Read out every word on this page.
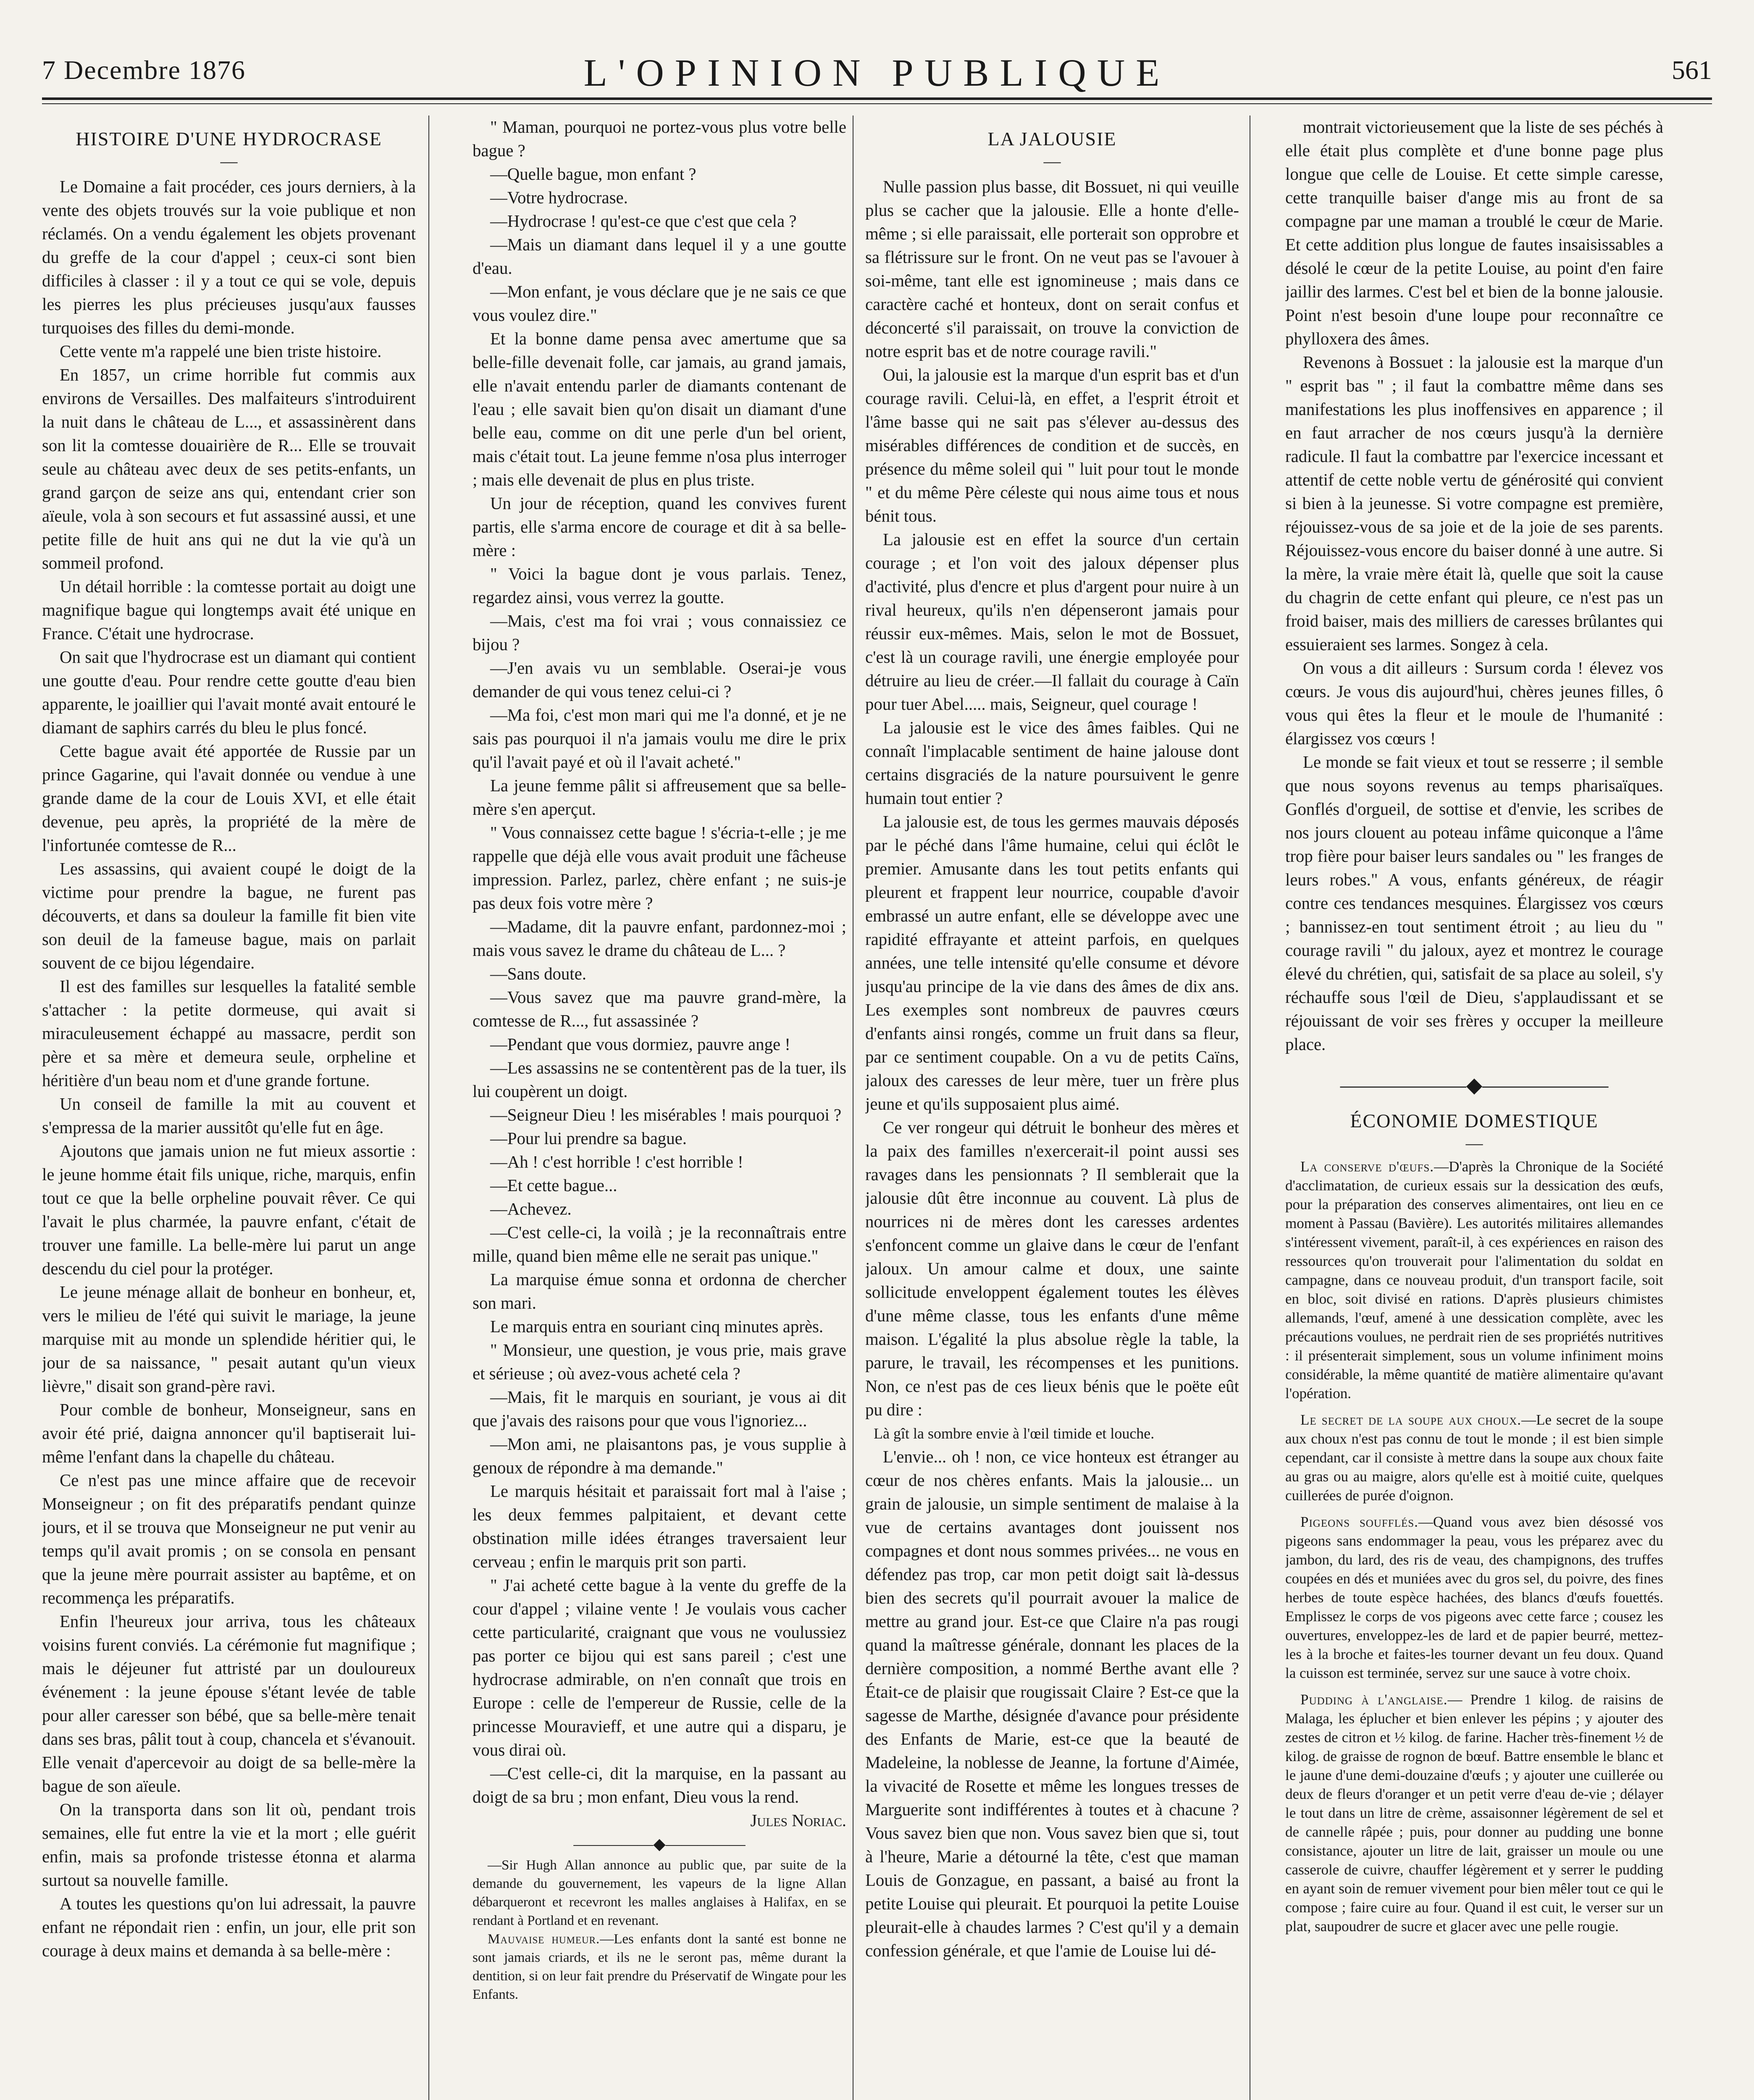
7 Decembre 1876	L'OPINION PUBLIQUE	561
HISTOIRE D'UNE HYDROCRASE
—

Le Domaine a fait procéder, ces jours derniers, à la vente des objets trouvés sur la voie publique et non réclamés. On a vendu également les objets provenant du greffe de la cour d'appel ; ceux-ci sont bien difficiles à classer : il y a tout ce qui se vole, depuis les pierres les plus précieuses jusqu'aux fausses turquoises des filles du demi-monde.

Cette vente m'a rappelé une bien triste histoire.

En 1857, un crime horrible fut commis aux environs de Versailles. Des malfaiteurs s'introduirent la nuit dans le château de L..., et assassinèrent dans son lit la comtesse douairière de R... Elle se trouvait seule au château avec deux de ses petits-enfants, un grand garçon de seize ans qui, entendant crier son aïeule, vola à son secours et fut assassiné aussi, et une petite fille de huit ans qui ne dut la vie qu'à un sommeil profond.

Un détail horrible : la comtesse portait au doigt une magnifique bague qui longtemps avait été unique en France. C'était une hydrocrase.

On sait que l'hydrocrase est un diamant qui contient une goutte d'eau. Pour rendre cette goutte d'eau bien apparente, le joaillier qui l'avait monté avait entouré le diamant de saphirs carrés du bleu le plus foncé.

Cette bague avait été apportée de Russie par un prince Gagarine, qui l'avait donnée ou vendue à une grande dame de la cour de Louis XVI, et elle était devenue, peu après, la propriété de la mère de l'infortunée comtesse de R...

Les assassins, qui avaient coupé le doigt de la victime pour prendre la bague, ne furent pas découverts, et dans sa douleur la famille fit bien vite son deuil de la fameuse bague, mais on parlait souvent de ce bijou légendaire.

Il est des familles sur lesquelles la fatalité semble s'attacher : la petite dormeuse, qui avait si miraculeusement échappé au massacre, perdit son père et sa mère et demeura seule, orpheline et héritière d'un beau nom et d'une grande fortune.

Un conseil de famille la mit au couvent et s'empressa de la marier aussitôt qu'elle fut en âge.

Ajoutons que jamais union ne fut mieux assortie : le jeune homme était fils unique, riche, marquis, enfin tout ce que la belle orpheline pouvait rêver. Ce qui l'avait le plus charmée, la pauvre enfant, c'était de trouver une famille. La belle-mère lui parut un ange descendu du ciel pour la protéger.

Le jeune ménage allait de bonheur en bonheur, et, vers le milieu de l'été qui suivit le mariage, la jeune marquise mit au monde un splendide héritier qui, le jour de sa naissance, " pesait autant qu'un vieux lièvre," disait son grand-père ravi.

Pour comble de bonheur, Monseigneur, sans en avoir été prié, daigna annoncer qu'il baptiserait lui-même l'enfant dans la chapelle du château.

Ce n'est pas une mince affaire que de recevoir Monseigneur ; on fit des préparatifs pendant quinze jours, et il se trouva que Monseigneur ne put venir au temps qu'il avait promis ; on se consola en pensant que la jeune mère pourrait assister au baptême, et on recommença les préparatifs.

Enfin l'heureux jour arriva, tous les châteaux voisins furent conviés. La cérémonie fut magnifique ; mais le déjeuner fut attristé par un douloureux événement : la jeune épouse s'étant levée de table pour aller caresser son bébé, que sa belle-mère tenait dans ses bras, pâlit tout à coup, chancela et s'évanouit. Elle venait d'apercevoir au doigt de sa belle-mère la bague de son aïeule.

On la transporta dans son lit où, pendant trois semaines, elle fut entre la vie et la mort ; elle guérit enfin, mais sa profonde tristesse étonna et alarma surtout sa nouvelle famille.

A toutes les questions qu'on lui adressait, la pauvre enfant ne répondait rien : enfin, un jour, elle prit son courage à deux mains et demanda à sa belle-mère :

" Maman, pourquoi ne portez-vous plus votre belle bague ?

—Quelle bague, mon enfant ?

—Votre hydrocrase.

—Hydrocrase ! qu'est-ce que c'est que cela ?

—Mais un diamant dans lequel il y a une goutte d'eau.

—Mon enfant, je vous déclare que je ne sais ce que vous voulez dire."

Et la bonne dame pensa avec amertume que sa belle-fille devenait folle, car jamais, au grand jamais, elle n'avait entendu parler de diamants contenant de l'eau ; elle savait bien qu'on disait un diamant d'une belle eau, comme on dit une perle d'un bel orient, mais c'était tout. La jeune femme n'osa plus interroger ; mais elle devenait de plus en plus triste.

Un jour de réception, quand les convives furent partis, elle s'arma encore de courage et dit à sa belle-mère :

" Voici la bague dont je vous parlais. Tenez, regardez ainsi, vous verrez la goutte.

—Mais, c'est ma foi vrai ; vous connaissiez ce bijou ?

—J'en avais vu un semblable. Oserai-je vous demander de qui vous tenez celui-ci ?

—Ma foi, c'est mon mari qui me l'a donné, et je ne sais pas pourquoi il n'a jamais voulu me dire le prix qu'il l'avait payé et où il l'avait acheté."

La jeune femme pâlit si affreusement que sa belle-mère s'en aperçut.

" Vous connaissez cette bague ! s'écria-t-elle ; je me rappelle que déjà elle vous avait produit une fâcheuse impression. Parlez, parlez, chère enfant ; ne suis-je pas deux fois votre mère ?

—Madame, dit la pauvre enfant, pardonnez-moi ; mais vous savez le drame du château de L... ?

—Sans doute.

—Vous savez que ma pauvre grand-mère, la comtesse de R..., fut assassinée ?

—Pendant que vous dormiez, pauvre ange !

—Les assassins ne se contentèrent pas de la tuer, ils lui coupèrent un doigt.

—Seigneur Dieu ! les misérables ! mais pourquoi ?

—Pour lui prendre sa bague.

—Ah ! c'est horrible ! c'est horrible !

—Et cette bague...

—Achevez.

—C'est celle-ci, la voilà ; je la reconnaîtrais entre mille, quand bien même elle ne serait pas unique."

La marquise émue sonna et ordonna de chercher son mari.

Le marquis entra en souriant cinq minutes après.

" Monsieur, une question, je vous prie, mais grave et sérieuse ; où avez-vous acheté cela ?

—Mais, fit le marquis en souriant, je vous ai dit que j'avais des raisons pour que vous l'ignoriez...

—Mon ami, ne plaisantons pas, je vous supplie à genoux de répondre à ma demande."

Le marquis hésitait et paraissait fort mal à l'aise ; les deux femmes palpitaient, et devant cette obstination mille idées étranges traversaient leur cerveau ; enfin le marquis prit son parti.

" J'ai acheté cette bague à la vente du greffe de la cour d'appel ; vilaine vente ! Je voulais vous cacher cette particularité, craignant que vous ne voulussiez pas porter ce bijou qui est sans pareil ; c'est une hydrocrase admirable, on n'en connaît que trois en Europe : celle de l'empereur de Russie, celle de la princesse Mouravieff, et une autre qui a disparu, je vous dirai où.

—C'est celle-ci, dit la marquise, en la passant au doigt de sa bru ; mon enfant, Dieu vous la rend.

Jules Noriac.

—————◆—————

—Sir Hugh Allan annonce au public que, par suite de la demande du gouvernement, les vapeurs de la ligne Allan débarqueront et recevront les malles anglaises à Halifax, en se rendant à Portland et en revenant.

Mauvaise humeur.—Les enfants dont la santé est bonne ne sont jamais criards, et ils ne le seront pas, même durant la dentition, si on leur fait prendre du Préservatif de Wingate pour les Enfants.

LA JALOUSIE
—

Nulle passion plus basse, dit Bossuet, ni qui veuille plus se cacher que la jalousie. Elle a honte d'elle-même ; si elle paraissait, elle porterait son opprobre et sa flétrissure sur le front. On ne veut pas se l'avouer à soi-même, tant elle est ignomineuse ; mais dans ce caractère caché et honteux, dont on serait confus et déconcerté s'il paraissait, on trouve la conviction de notre esprit bas et de notre courage ravili."

Oui, la jalousie est la marque d'un esprit bas et d'un courage ravili. Celui-là, en effet, a l'esprit étroit et l'âme basse qui ne sait pas s'élever au-dessus des misérables différences de condition et de succès, en présence du même soleil qui " luit pour tout le monde " et du même Père céleste qui nous aime tous et nous bénit tous.

La jalousie est en effet la source d'un certain courage ; et l'on voit des jaloux dépenser plus d'activité, plus d'encre et plus d'argent pour nuire à un rival heureux, qu'ils n'en dépenseront jamais pour réussir eux-mêmes. Mais, selon le mot de Bossuet, c'est là un courage ravili, une énergie employée pour détruire au lieu de créer.—Il fallait du courage à Caïn pour tuer Abel..... mais, Seigneur, quel courage !

La jalousie est le vice des âmes faibles. Qui ne connaît l'implacable sentiment de haine jalouse dont certains disgraciés de la nature poursuivent le genre humain tout entier ?

La jalousie est, de tous les germes mauvais déposés par le péché dans l'âme humaine, celui qui éclôt le premier. Amusante dans les tout petits enfants qui pleurent et frappent leur nourrice, coupable d'avoir embrassé un autre enfant, elle se développe avec une rapidité effrayante et atteint parfois, en quelques années, une telle intensité qu'elle consume et dévore jusqu'au principe de la vie dans des âmes de dix ans. Les exemples sont nombreux de pauvres cœurs d'enfants ainsi rongés, comme un fruit dans sa fleur, par ce sentiment coupable. On a vu de petits Caïns, jaloux des caresses de leur mère, tuer un frère plus jeune et qu'ils supposaient plus aimé.

Ce ver rongeur qui détruit le bonheur des mères et la paix des familles n'exercerait-il point aussi ses ravages dans les pensionnats ? Il semblerait que la jalousie dût être inconnue au couvent. Là plus de nourrices ni de mères dont les caresses ardentes s'enfoncent comme un glaive dans le cœur de l'enfant jaloux. Un amour calme et doux, une sainte sollicitude enveloppent également toutes les élèves d'une même classe, tous les enfants d'une même maison. L'égalité la plus absolue règle la table, la parure, le travail, les récompenses et les punitions. Non, ce n'est pas de ces lieux bénis que le poëte eût pu dire :

Là gît la sombre envie à l'œil timide et louche.

L'envie... oh ! non, ce vice honteux est étranger au cœur de nos chères enfants. Mais la jalousie... un grain de jalousie, un simple sentiment de malaise à la vue de certains avantages dont jouissent nos compagnes et dont nous sommes privées... ne vous en défendez pas trop, car mon petit doigt sait là-dessus bien des secrets qu'il pourrait avouer la malice de mettre au grand jour. Est-ce que Claire n'a pas rougi quand la maîtresse générale, donnant les places de la dernière composition, a nommé Berthe avant elle ? Était-ce de plaisir que rougissait Claire ? Est-ce que la sagesse de Marthe, désignée d'avance pour présidente des Enfants de Marie, est-ce que la beauté de Madeleine, la noblesse de Jeanne, la fortune d'Aimée, la vivacité de Rosette et même les longues tresses de Marguerite sont indifférentes à toutes et à chacune ? Vous savez bien que non. Vous savez bien que si, tout à l'heure, Marie a détourné la tête, c'est que maman Louis de Gonzague, en passant, a baisé au front la petite Louise qui pleurait. Et pourquoi la petite Louise pleurait-elle à chaudes larmes ? C'est qu'il y a demain confession générale, et que l'amie de Louise lui dé-

montrait victorieusement que la liste de ses péchés à elle était plus complète et d'une bonne page plus longue que celle de Louise. Et cette simple caresse, cette tranquille baiser d'ange mis au front de sa compagne par une maman a troublé le cœur de Marie. Et cette addition plus longue de fautes insaisissables a désolé le cœur de la petite Louise, au point d'en faire jaillir des larmes. C'est bel et bien de la bonne jalousie. Point n'est besoin d'une loupe pour reconnaître ce phylloxera des âmes.

Revenons à Bossuet : la jalousie est la marque d'un " esprit bas " ; il faut la combattre même dans ses manifestations les plus inoffensives en apparence ; il en faut arracher de nos cœurs jusqu'à la dernière radicule. Il faut la combattre par l'exercice incessant et attentif de cette noble vertu de générosité qui convient si bien à la jeunesse. Si votre compagne est première, réjouissez-vous de sa joie et de la joie de ses parents. Réjouissez-vous encore du baiser donné à une autre. Si la mère, la vraie mère était là, quelle que soit la cause du chagrin de cette enfant qui pleure, ce n'est pas un froid baiser, mais des milliers de caresses brûlantes qui essuieraient ses larmes. Songez à cela.

On vous a dit ailleurs : Sursum corda ! élevez vos cœurs. Je vous dis aujourd'hui, chères jeunes filles, ô vous qui êtes la fleur et le moule de l'humanité : élargissez vos cœurs !

Le monde se fait vieux et tout se resserre ; il semble que nous soyons revenus au temps pharisaïques. Gonflés d'orgueil, de sottise et d'envie, les scribes de nos jours clouent au poteau infâme quiconque a l'âme trop fière pour baiser leurs sandales ou " les franges de leurs robes." A vous, enfants généreux, de réagir contre ces tendances mesquines. Élargissez vos cœurs ; bannissez-en tout sentiment étroit ; au lieu du " courage ravili " du jaloux, ayez et montrez le courage élevé du chrétien, qui, satisfait de sa place au soleil, s'y réchauffe sous l'œil de Dieu, s'applaudissant et se réjouissant de voir ses frères y occuper la meilleure place.

——————◆——————
ÉCONOMIE DOMESTIQUE
—

La conserve d'œufs.—D'après la Chronique de la Société d'acclimatation, de curieux essais sur la dessication des œufs, pour la préparation des conserves alimentaires, ont lieu en ce moment à Passau (Bavière). Les autorités militaires allemandes s'intéressent vivement, paraît-il, à ces expériences en raison des ressources qu'on trouverait pour l'alimentation du soldat en campagne, dans ce nouveau produit, d'un transport facile, soit en bloc, soit divisé en rations. D'après plusieurs chimistes allemands, l'œuf, amené à une dessication complète, avec les précautions voulues, ne perdrait rien de ses propriétés nutritives : il présenterait simplement, sous un volume infiniment moins considérable, la même quantité de matière alimentaire qu'avant l'opération.

Le secret de la soupe aux choux.—Le secret de la soupe aux choux n'est pas connu de tout le monde ; il est bien simple cependant, car il consiste à mettre dans la soupe aux choux faite au gras ou au maigre, alors qu'elle est à moitié cuite, quelques cuillerées de purée d'oignon.

Pigeons soufflés.—Quand vous avez bien désossé vos pigeons sans endommager la peau, vous les préparez avec du jambon, du lard, des ris de veau, des champignons, des truffes coupées en dés et muniées avec du gros sel, du poivre, des fines herbes de toute espèce hachées, des blancs d'œufs fouettés. Emplissez le corps de vos pigeons avec cette farce ; cousez les ouvertures, enveloppez-les de lard et de papier beurré, mettez-les à la broche et faites-les tourner devant un feu doux. Quand la cuisson est terminée, servez sur une sauce à votre choix.

Pudding à l'anglaise.— Prendre 1 kilog. de raisins de Malaga, les éplucher et bien enlever les pépins ; y ajouter des zestes de citron et ½ kilog. de farine. Hacher très-finement ½ de kilog. de graisse de rognon de bœuf. Battre ensemble le blanc et le jaune d'une demi-douzaine d'œufs ; y ajouter une cuillerée ou deux de fleurs d'oranger et un petit verre d'eau de-vie ; délayer le tout dans un litre de crème, assaisonner légèrement de sel et de cannelle râpée ; puis, pour donner au pudding une bonne consistance, ajouter un litre de lait, graisser un moule ou une casserole de cuivre, chauffer légèrement et y serrer le pudding en ayant soin de remuer vivement pour bien mêler tout ce qui le compose ; faire cuire au four. Quand il est cuit, le verser sur un plat, saupoudrer de sucre et glacer avec une pelle rougie.
